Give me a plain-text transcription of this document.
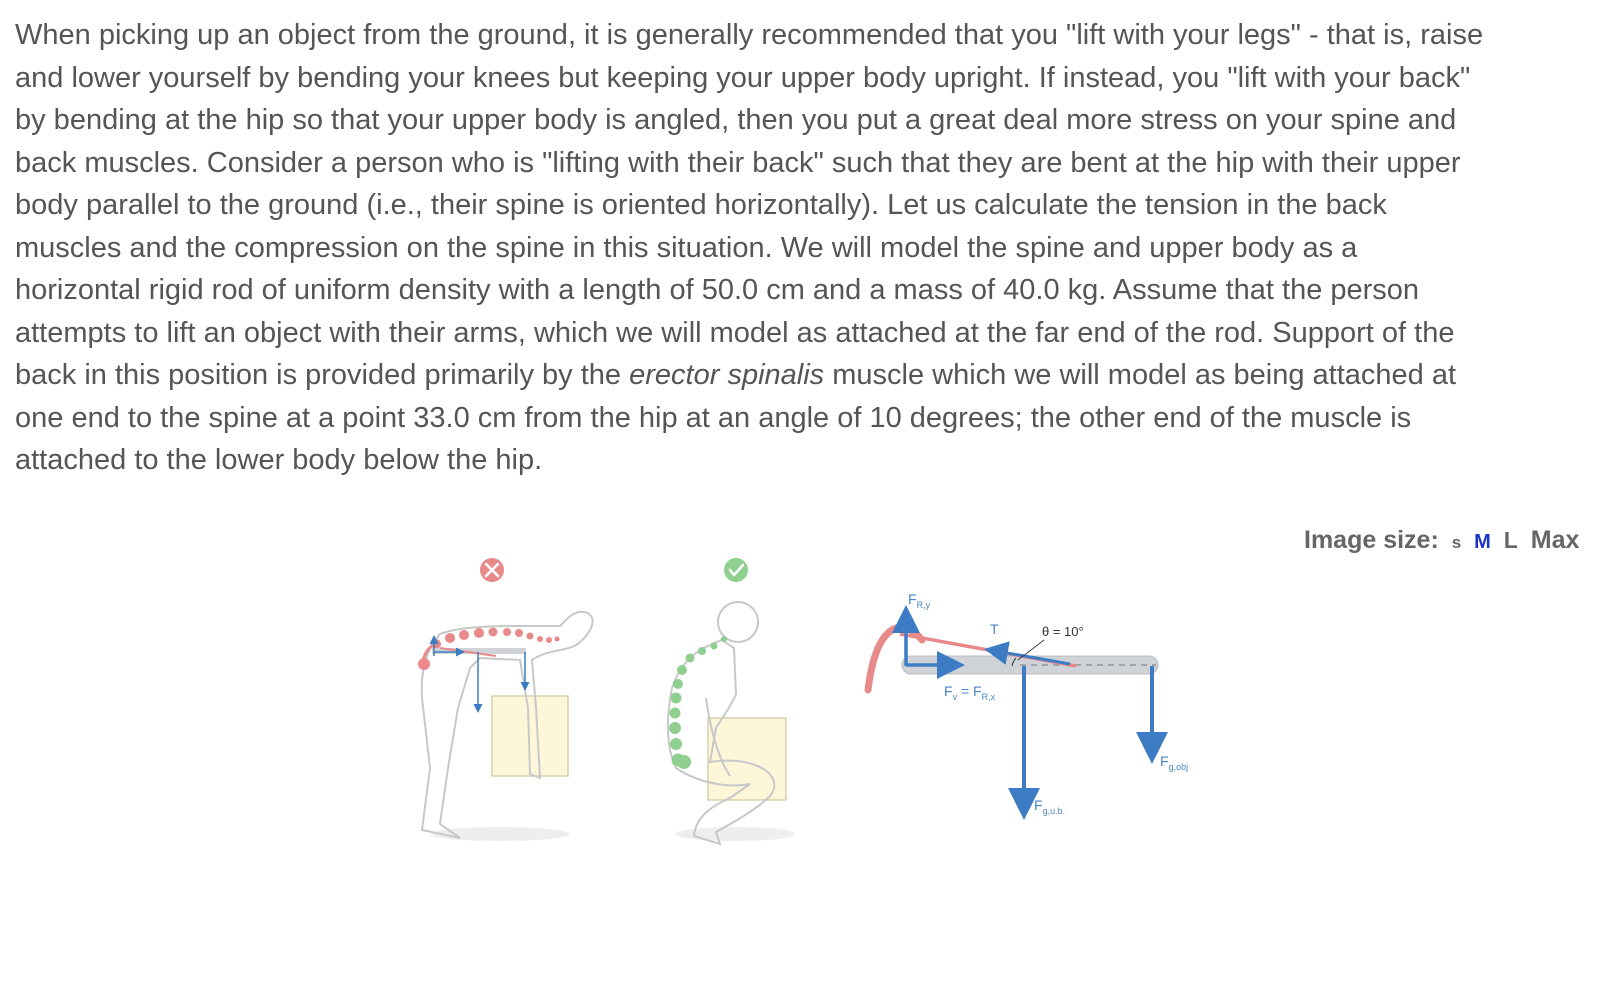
When picking up an object from the ground, it is generally recommended that you "lift with your legs" - that is, raise
and lower yourself by bending your knees but keeping your upper body upright. If instead, you "lift with your back"
by bending at the hip so that your upper body is angled, then you put a great deal more stress on your spine and
back muscles. Consider a person who is "lifting with their back" such that they are bent at the hip with their upper
body parallel to the ground (i.e., their spine is oriented horizontally). Let us calculate the tension in the back
muscles and the compression on the spine in this situation. We will model the spine and upper body as a
horizontal rigid rod of uniform density with a length of 50.0 cm and a mass of 40.0 kg. Assume that the person
attempts to lift an object with their arms, which we will model as attached at the far end of the rod. Support of the
back in this position is provided primarily by the erector spinalis muscle which we will model as being attached at
one end to the spine at a point 33.0 cm from the hip at an angle of 10 degrees; the other end of the muscle is
attached to the lower body below the hip.
Image size: s M L Max
$F_{R,y}$
T	θ = 10°
$F_v = F_{R,x}$
$F_{g,u.b.}$
$F_{g,obj}$
